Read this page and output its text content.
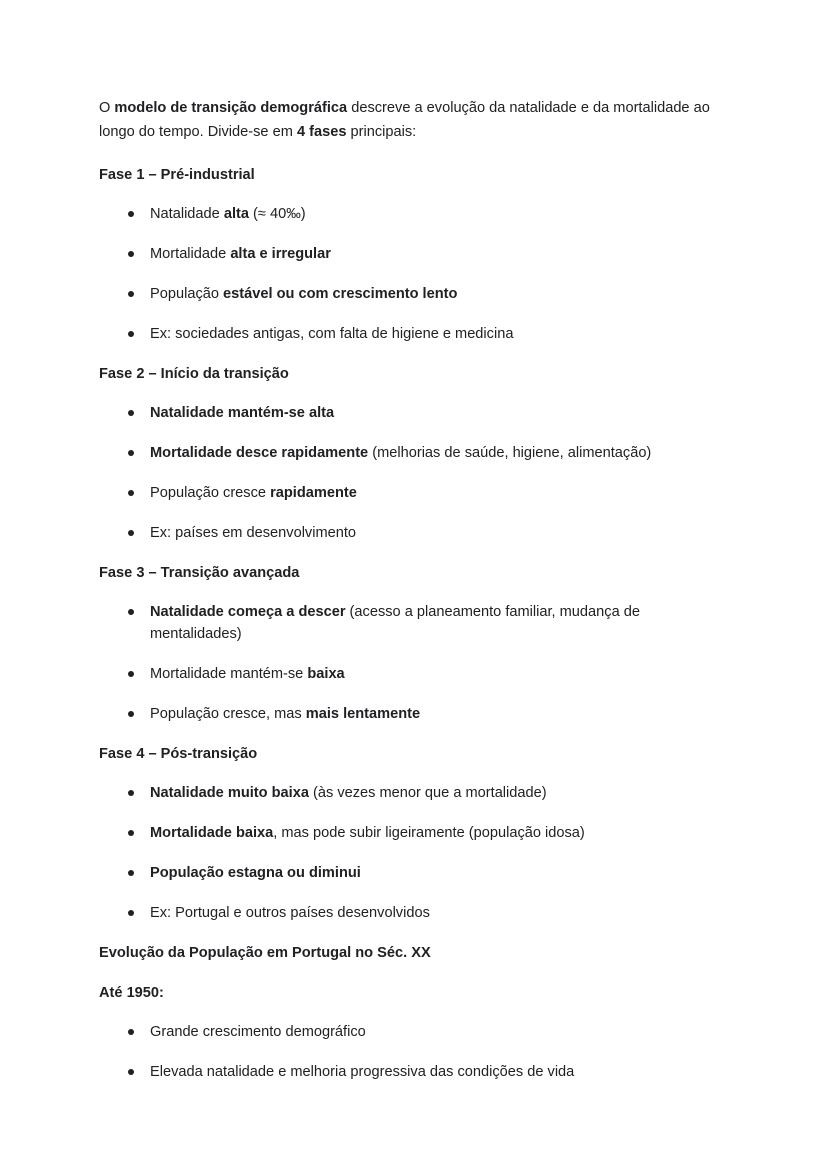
O modelo de transição demográfica descreve a evolução da natalidade e da mortalidade ao longo do tempo. Divide-se em 4 fases principais:

Fase 1 – Pré-industrial
Natalidade alta (≈ 40‰)
Mortalidade alta e irregular
População estável ou com crescimento lento
Ex: sociedades antigas, com falta de higiene e medicina
Fase 2 – Início da transição
Natalidade mantém-se alta
Mortalidade desce rapidamente (melhorias de saúde, higiene, alimentação)
População cresce rapidamente
Ex: países em desenvolvimento
Fase 3 – Transição avançada
Natalidade começa a descer (acesso a planeamento familiar, mudança de mentalidades)
Mortalidade mantém-se baixa
População cresce, mas mais lentamente
Fase 4 – Pós-transição
Natalidade muito baixa (às vezes menor que a mortalidade)
Mortalidade baixa, mas pode subir ligeiramente (população idosa)
População estagna ou diminui
Ex: Portugal e outros países desenvolvidos
Evolução da População em Portugal no Séc. XX
Até 1950:
Grande crescimento demográfico
Elevada natalidade e melhoria progressiva das condições de vida
